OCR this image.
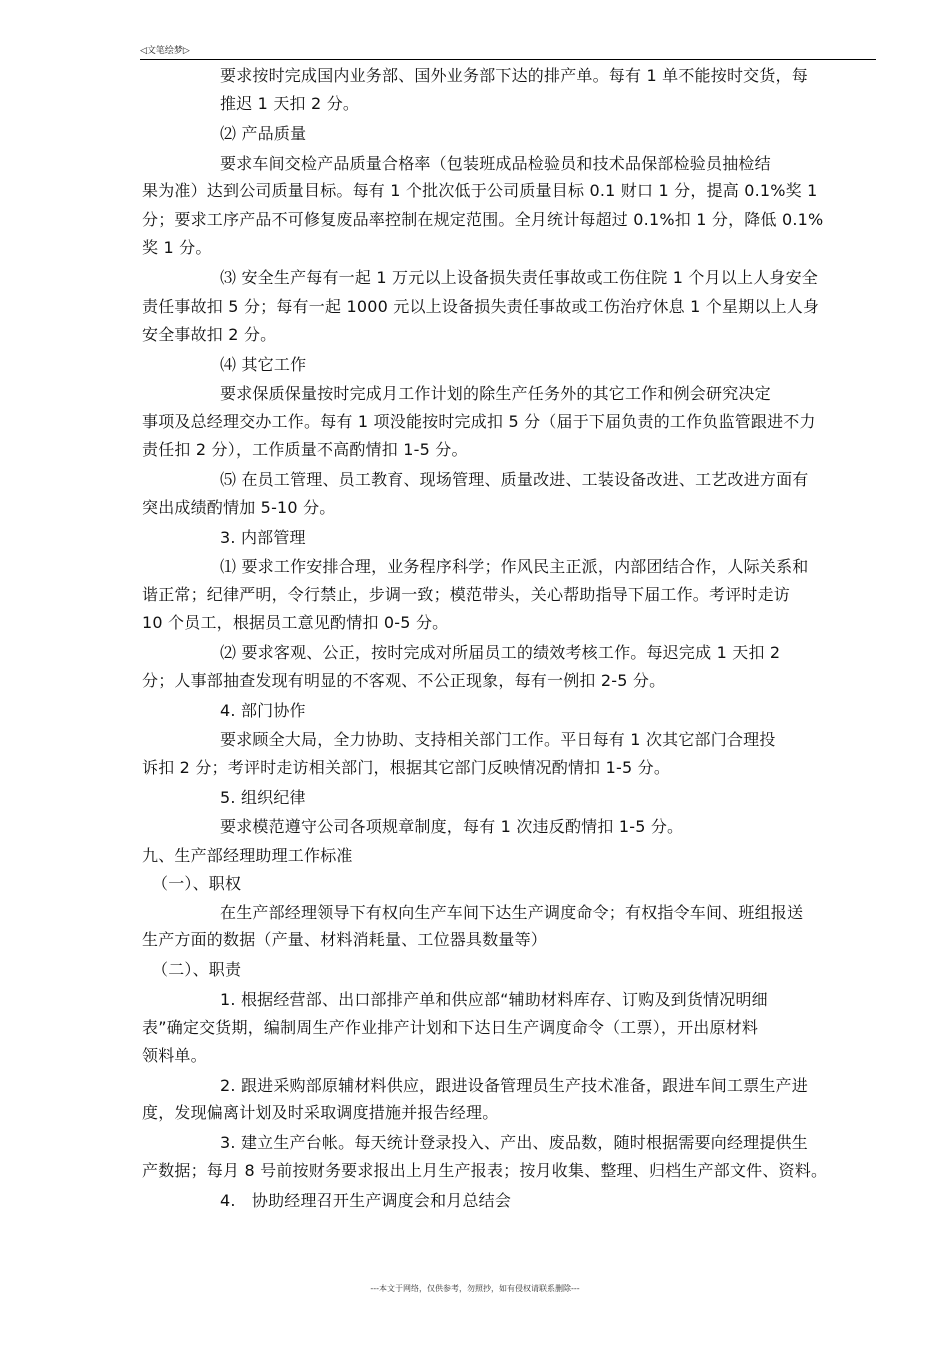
◁文笔绘梦▷
要求按时完成国内业务部、国外业务部下达的排产单。每有 1 单不能按时交货，每
推迟 1 天扣 2 分。
⑵ 产品质量
要求车间交检产品质量合格率（包装班成品检验员和技术品保部检验员抽检结
果为准）达到公司质量目标。每有 1 个批次低于公司质量目标 0.1 财口 1 分，提高 0.1%奖 1
分；要求工序产品不可修复废品率控制在规定范围。全月统计每超过 0.1%扣 1 分，降低 0.1%
奖 1 分。
⑶ 安全生产每有一起 1 万元以上设备损失责任事故或工伤住院 1 个月以上人身安全
责任事故扣 5 分；每有一起 1000 元以上设备损失责任事故或工伤治疗休息 1 个星期以上人身
安全事故扣 2 分。
⑷ 其它工作
要求保质保量按时完成月工作计划的除生产任务外的其它工作和例会研究决定
事项及总经理交办工作。每有 1 项没能按时完成扣 5 分（届于下届负责的工作负监管跟进不力
责任扣 2 分），工作质量不高酌情扣 1-5 分。
⑸ 在员工管理、员工教育、现场管理、质量改进、工装设备改进、工艺改进方面有
突出成绩酌情加 5-10 分。
3. 内部管理
⑴ 要求工作安排合理，业务程序科学；作风民主正派，内部团结合作，人际关系和
谐正常；纪律严明，令行禁止，步调一致；模范带头，关心帮助指导下届工作。考评时走访
10 个员工，根据员工意见酌情扣 0-5 分。
⑵ 要求客观、公正，按时完成对所届员工的绩效考核工作。每迟完成 1 天扣 2
分；人事部抽查发现有明显的不客观、不公正现象，每有一例扣 2-5 分。
4. 部门协作
要求顾全大局，全力协助、支持相关部门工作。平日每有 1 次其它部门合理投
诉扣 2 分；考评时走访相关部门，根据其它部门反映情况酌情扣 1-5 分。
5. 组织纪律
要求模范遵守公司各项规章制度，每有 1 次违反酌情扣 1-5 分。
九、生产部经理助理工作标准
（一）、职权
在生产部经理领导下有权向生产车间下达生产调度命令；有权指令车间、班组报送
生产方面的数据（产量、材料消耗量、工位器具数量等）
（二）、职责
1. 根据经营部、出口部排产单和供应部“辅助材料库存、订购及到货情况明细
表”确定交货期，编制周生产作业排产计划和下达日生产调度命令（工票），开出原材料
领料单。
2. 跟进采购部原辅材料供应，跟进设备管理员生产技术准备，跟进车间工票生产进
度，发现偏离计划及时采取调度措施并报告经理。
3. 建立生产台帐。每天统计登录投入、产出、废品数，随时根据需要向经理提供生
产数据；每月 8 号前按财务要求报出上月生产报表；按月收集、整理、归档生产部文件、资料。
4.　协助经理召开生产调度会和月总结会
---本文于网络，仅供参考，勿照抄，如有侵权请联系删除---
